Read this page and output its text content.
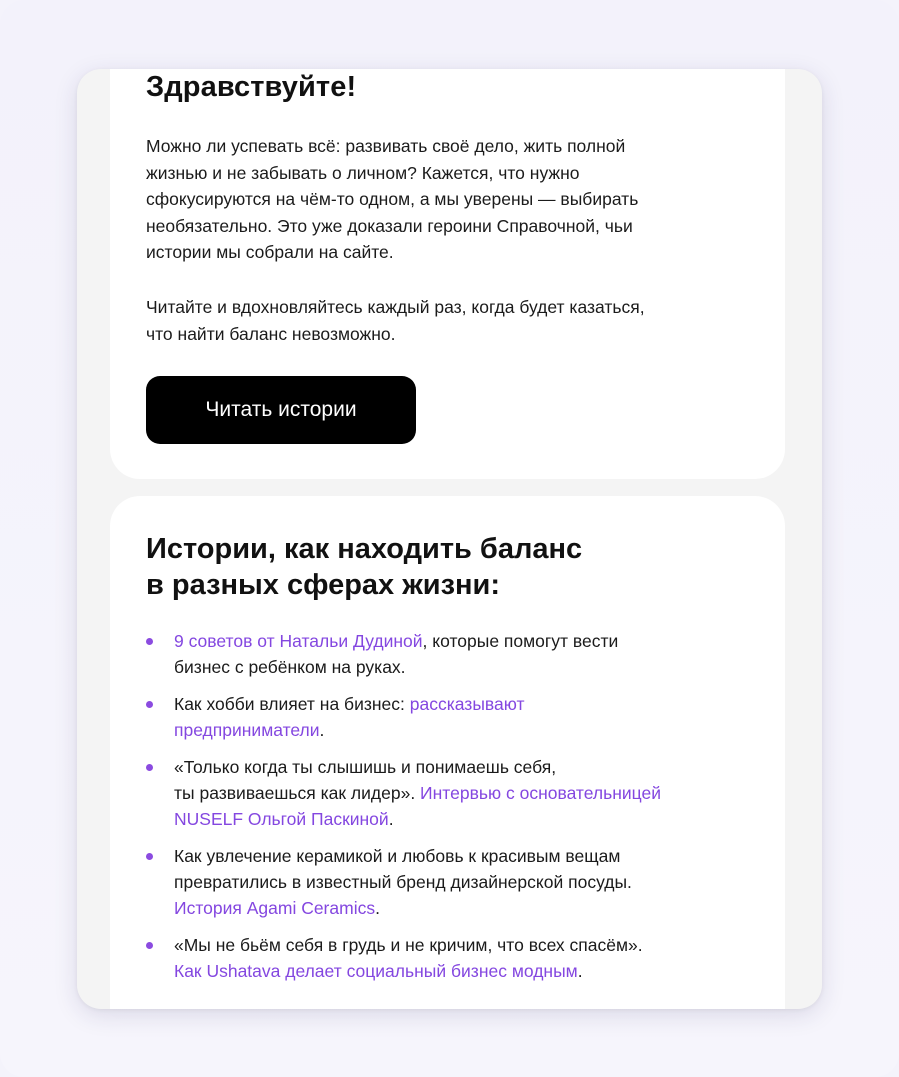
Здравствуйте!

Можно ли успевать всё: развивать своё дело, жить полной
жизнью и не забывать о личном? Кажется, что нужно
сфокусируются на чём-то одном, а мы уверены — выбирать
необязательно. Это уже доказали героини Справочной, чьи
истории мы собрали на сайте.

Читайте и вдохновляйтесь каждый раз, когда будет казаться,
что найти баланс невозможно.

Читать истории
Истории, как находить баланс
в разных сферах жизни:
9 советов от Натальи Дудиной, которые помогут вести
бизнес с ребёнком на руках.
Как хобби влияет на бизнес: рассказывают
предприниматели.
«Только когда ты слышишь и понимаешь себя,
ты развиваешься как лидер». Интервью с основательницей
NUSELF Ольгой Паскиной.
Как увлечение керамикой и любовь к красивым вещам
превратились в известный бренд дизайнерской посуды.
История Agami Ceramics.
«Мы не бьём себя в грудь и не кричим, что всех спасём».
Как Ushatava делает социальный бизнес модным.
